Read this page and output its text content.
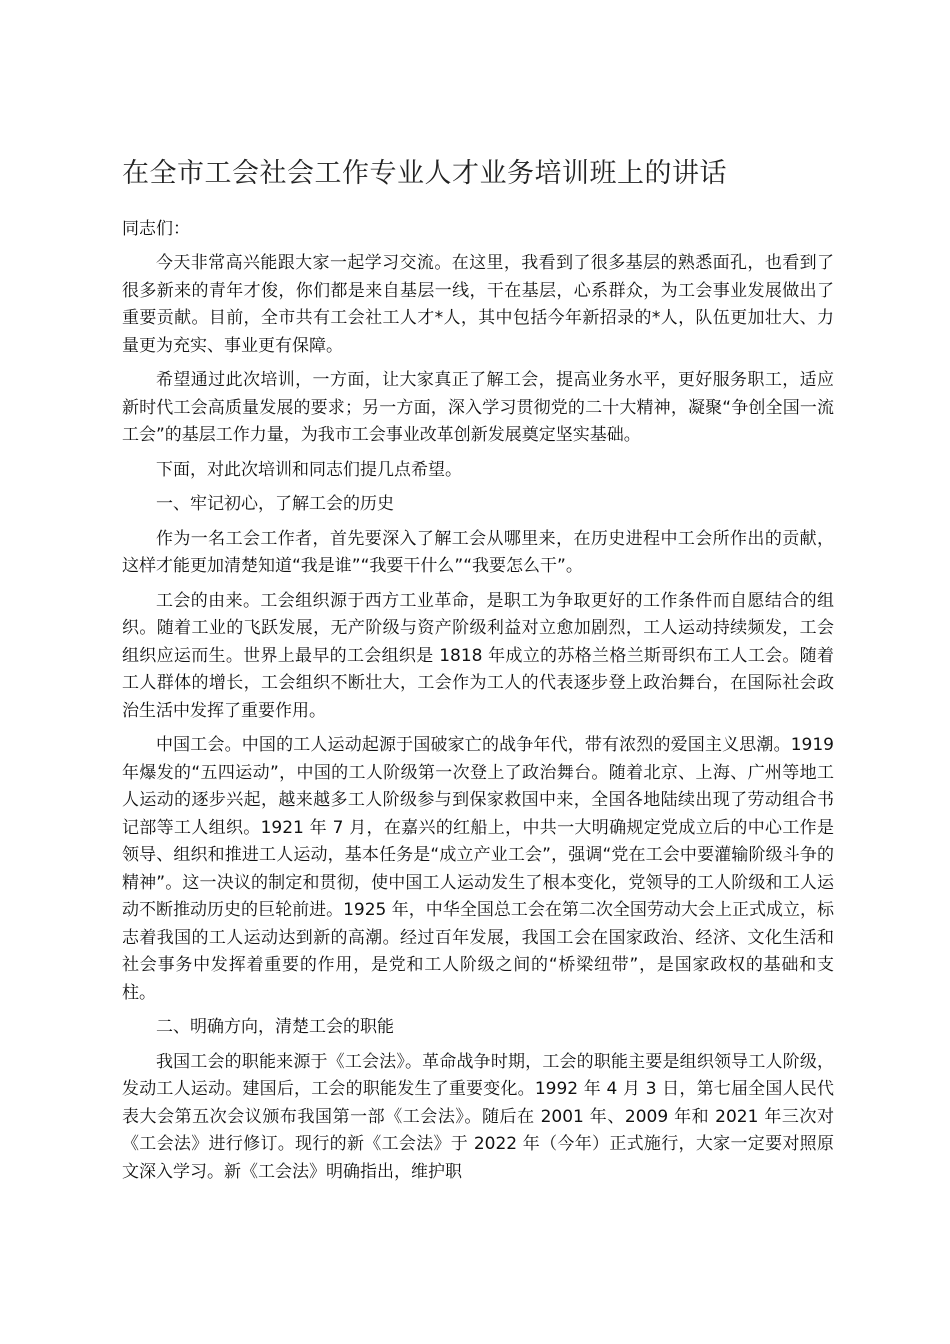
在全市工会社会工作专业人才业务培训班上的讲话

同志们：

今天非常高兴能跟大家一起学习交流。在这里，我看到了很多基层的熟悉面孔，也看到了很多新来的青年才俊，你们都是来自基层一线，干在基层，心系群众，为工会事业发展做出了重要贡献。目前，全市共有工会社工人才*人，其中包括今年新招录的*人，队伍更加壮大、力量更为充实、事业更有保障。

希望通过此次培训，一方面，让大家真正了解工会，提高业务水平，更好服务职工，适应新时代工会高质量发展的要求；另一方面，深入学习贯彻党的二十大精神，凝聚“争创全国一流工会”的基层工作力量，为我市工会事业改革创新发展奠定坚实基础。

下面，对此次培训和同志们提几点希望。

一、牢记初心，了解工会的历史

作为一名工会工作者，首先要深入了解工会从哪里来，在历史进程中工会所作出的贡献，这样才能更加清楚知道“我是谁”“我要干什么”“我要怎么干”。

工会的由来。工会组织源于西方工业革命，是职工为争取更好的工作条件而自愿结合的组织。随着工业的飞跃发展，无产阶级与资产阶级利益对立愈加剧烈，工人运动持续频发，工会组织应运而生。世界上最早的工会组织是 1818 年成立的苏格兰格兰斯哥织布工人工会。随着工人群体的增长，工会组织不断壮大，工会作为工人的代表逐步登上政治舞台，在国际社会政治生活中发挥了重要作用。

中国工会。中国的工人运动起源于国破家亡的战争年代，带有浓烈的爱国主义思潮。1919 年爆发的“五四运动”，中国的工人阶级第一次登上了政治舞台。随着北京、上海、广州等地工人运动的逐步兴起，越来越多工人阶级参与到保家救国中来，全国各地陆续出现了劳动组合书记部等工人组织。1921 年 7 月，在嘉兴的红船上，中共一大明确规定党成立后的中心工作是领导、组织和推进工人运动，基本任务是“成立产业工会”，强调“党在工会中要灌输阶级斗争的精神”。这一决议的制定和贯彻，使中国工人运动发生了根本变化，党领导的工人阶级和工人运动不断推动历史的巨轮前进。1925 年，中华全国总工会在第二次全国劳动大会上正式成立，标志着我国的工人运动达到新的高潮。经过百年发展，我国工会在国家政治、经济、文化生活和社会事务中发挥着重要的作用，是党和工人阶级之间的“桥梁纽带”，是国家政权的基础和支柱。

二、明确方向，清楚工会的职能

我国工会的职能来源于《工会法》。革命战争时期，工会的职能主要是组织领导工人阶级，发动工人运动。建国后，工会的职能发生了重要变化。1992 年 4 月 3 日，第七届全国人民代表大会第五次会议颁布我国第一部《工会法》。随后在 2001 年、2009 年和 2021 年三次对《工会法》进行修订。现行的新《工会法》于 2022 年（今年）正式施行，大家一定要对照原文深入学习。新《工会法》明确指出，维护职
